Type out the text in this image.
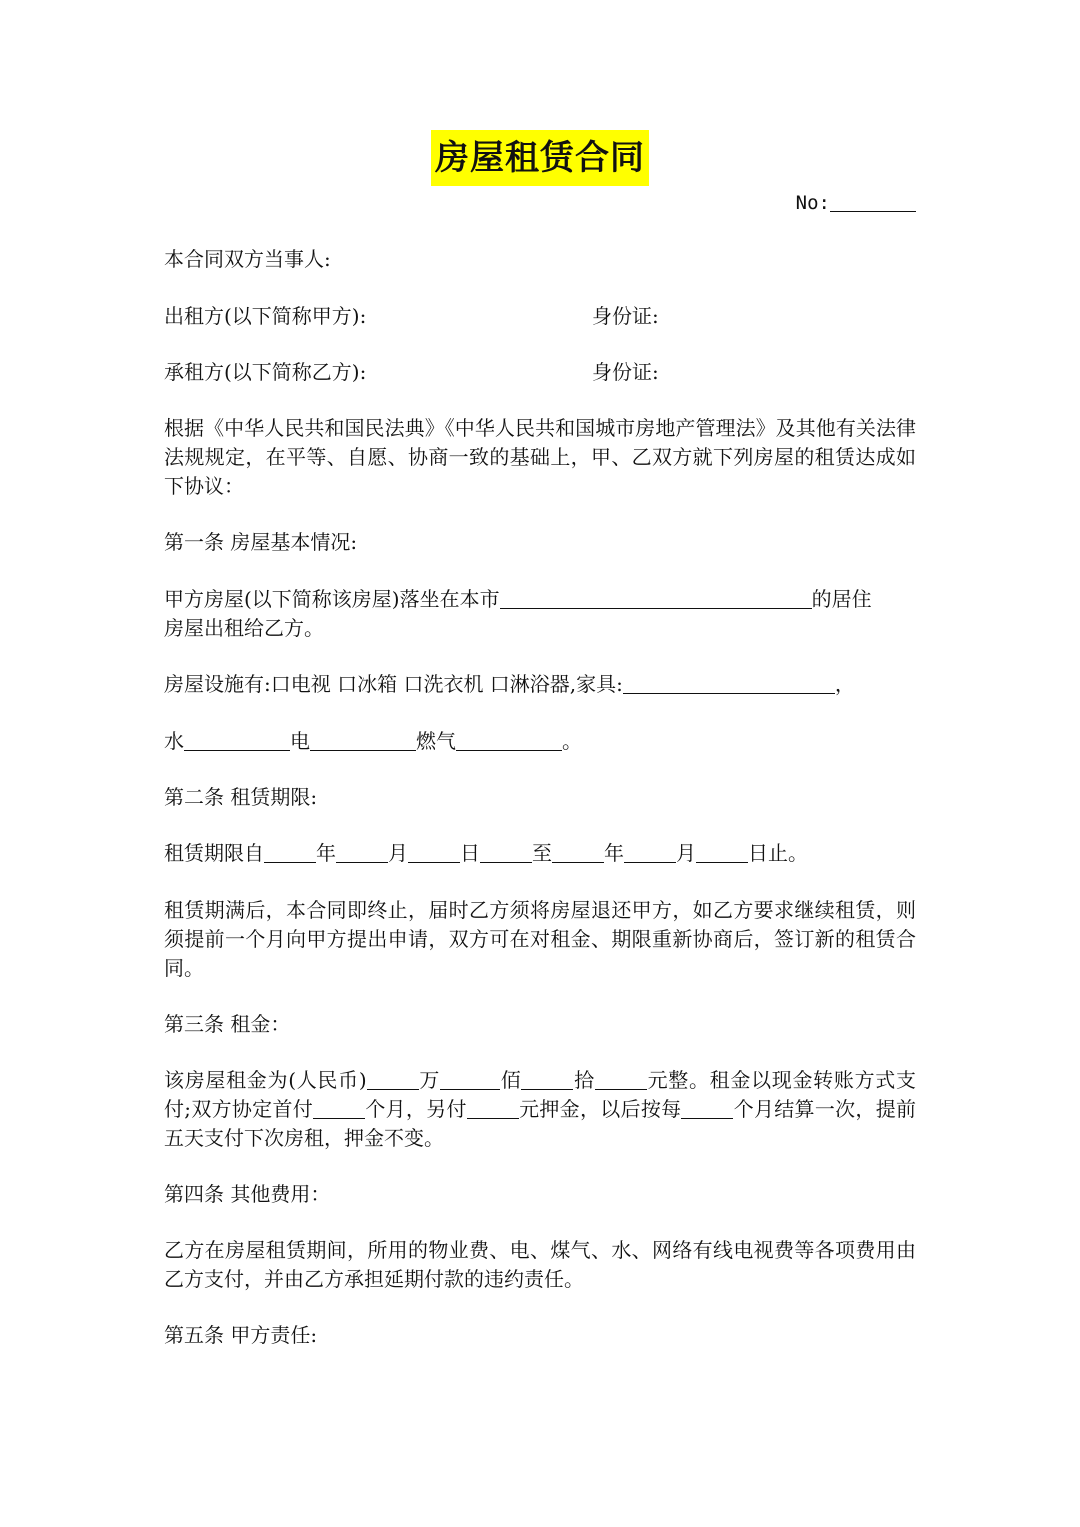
房屋租赁合同
No:
本合同双方当事人:
出租方(以下简称甲方):	身份证:
承租方(以下简称乙方):	身份证:
根据《中华人民共和国民法典》《中华人民共和国城市房地产管理法》及其他有关法律法规规定，在平等、自愿、协商一致的基础上，甲、乙双方就下列房屋的租赁达成如下协议：
第一条 房屋基本情况:
甲方房屋(以下简称该房屋)落坐在本市	的居住
房屋出租给乙方。
房屋设施有:口电视 口冰箱 口洗衣机 口淋浴器,家具:	，
水	电	燃气	。
第二条 租赁期限:
租赁期限自	年	月	日	至	年	月	日止。
租赁期满后，本合同即终止，届时乙方须将房屋退还甲方，如乙方要求继续租赁，则须提前一个月向甲方提出申请，双方可在对租金、期限重新协商后，签订新的租赁合同。
第三条 租金：
该房屋租金为(人民币)	万	佰	拾	元整。租金以现金转账方式支付;双方协定首付	个月，另付	元押金，以后按每	个月结算一次，提前五天支付下次房租，押金不变。
第四条 其他费用：
乙方在房屋租赁期间，所用的物业费、电、煤气、水、网络有线电视费等各项费用由乙方支付，并由乙方承担延期付款的违约责任。
第五条 甲方责任:
